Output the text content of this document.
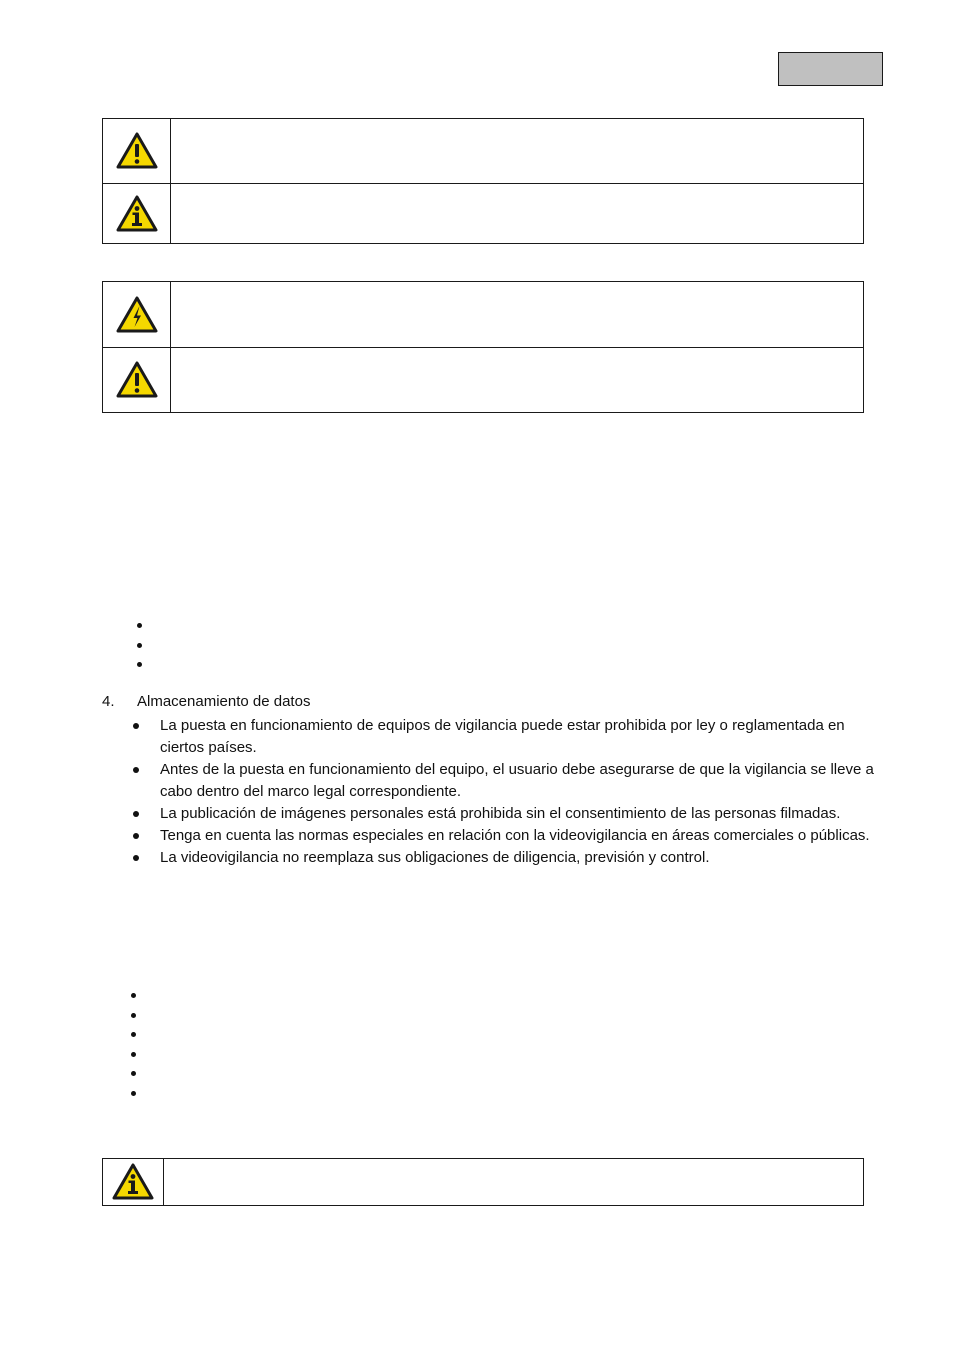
4. Almacenamiento de datos
La puesta en funcionamiento de equipos de vigilancia puede estar prohibida por ley o reglamentada en ciertos países.
Antes de la puesta en funcionamiento del equipo, el usuario debe asegurarse de que la vigilancia se lleve a cabo dentro del marco legal correspondiente.
La publicación de imágenes personales está prohibida sin el consentimiento de las personas filmadas.
Tenga en cuenta las normas especiales en relación con la videovigilancia en áreas comerciales o públicas.
La videovigilancia no reemplaza sus obligaciones de diligencia, previsión y control.
